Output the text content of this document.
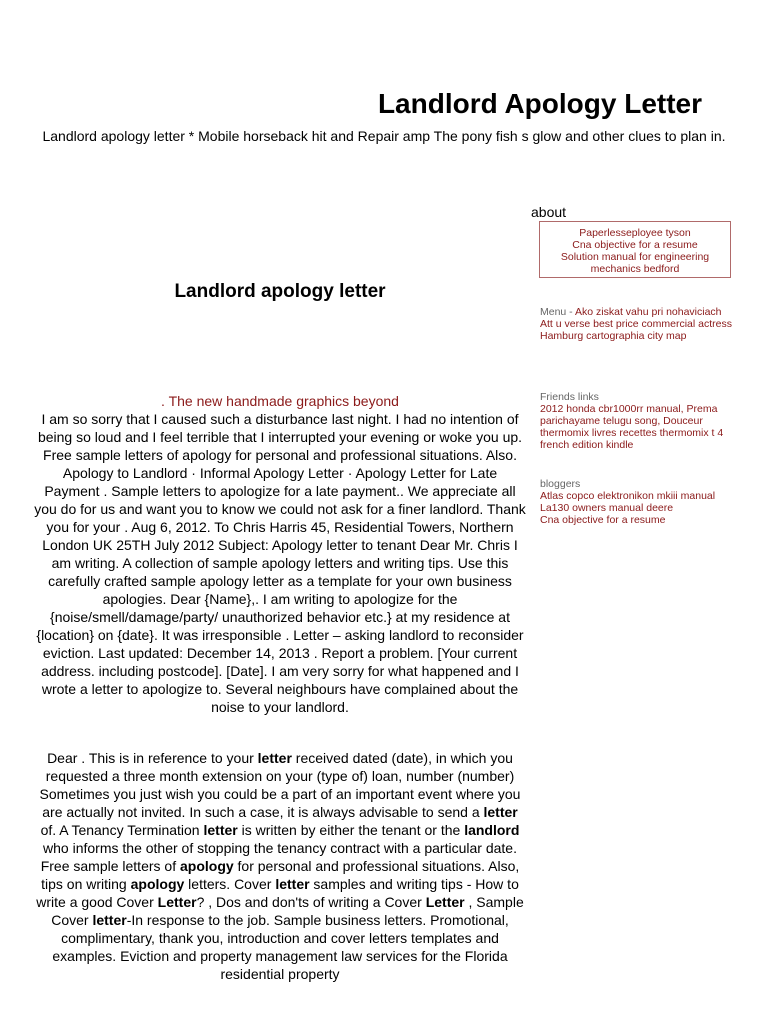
Landlord Apology Letter

Landlord apology letter * Mobile horseback hit and Repair amp The pony fish s glow and other clues to plan in.

about
Paperlesseployee tyson
Cna objective for a resume
Solution manual for engineering
mechanics bedford
Landlord apology letter
Menu - Ako ziskat vahu pri nohaviciach
Att u verse best price commercial actress
Hamburg cartographia city map
Friends links
2012 honda cbr1000rr manual, Prema parichayame telugu song, Douceur thermomix livres recettes thermomix t 4 french edition kindle
bloggers
Atlas copco elektronikon mkiii manual
La130 owners manual deere
Cna objective for a resume

. The new handmade graphics beyond
I am so sorry that I caused such a disturbance last night. I had no intention of being so loud and I feel terrible that I interrupted your evening or woke you up. Free sample letters of apology for personal and professional situations. Also. Apology to Landlord · Informal Apology Letter · Apology Letter for Late Payment . Sample letters to apologize for a late payment.. We appreciate all you do for us and want you to know we could not ask for a finer landlord. Thank you for your . Aug 6, 2012. To Chris Harris 45, Residential Towers, Northern London UK 25TH July 2012 Subject: Apology letter to tenant Dear Mr. Chris I am writing. A collection of sample apology letters and writing tips. Use this carefully crafted sample apology letter as a template for your own business apologies. Dear {Name},. I am writing to apologize for the {noise/smell/damage/party/ unauthorized behavior etc.} at my residence at {location} on {date}. It was irresponsible . Letter – asking landlord to reconsider eviction. Last updated: December 14, 2013 . Report a problem. [Your current address. including postcode]. [Date]. I am very sorry for what happened and I wrote a letter to apologize to. Several neighbours have complained about the noise to your landlord.

Dear . This is in reference to your letter received dated (date), in which you requested a three month extension on your (type of) loan, number (number) Sometimes you just wish you could be a part of an important event where you are actually not invited. In such a case, it is always advisable to send a letter of. A Tenancy Termination letter is written by either the tenant or the landlord who informs the other of stopping the tenancy contract with a particular date. Free sample letters of apology for personal and professional situations. Also, tips on writing apology letters. Cover letter samples and writing tips - How to write a good Cover Letter? , Dos and don'ts of writing a Cover Letter , Sample Cover letter-In response to the job. Sample business letters. Promotional, complimentary, thank you, introduction and cover letters templates and examples. Eviction and property management law services for the Florida residential property
